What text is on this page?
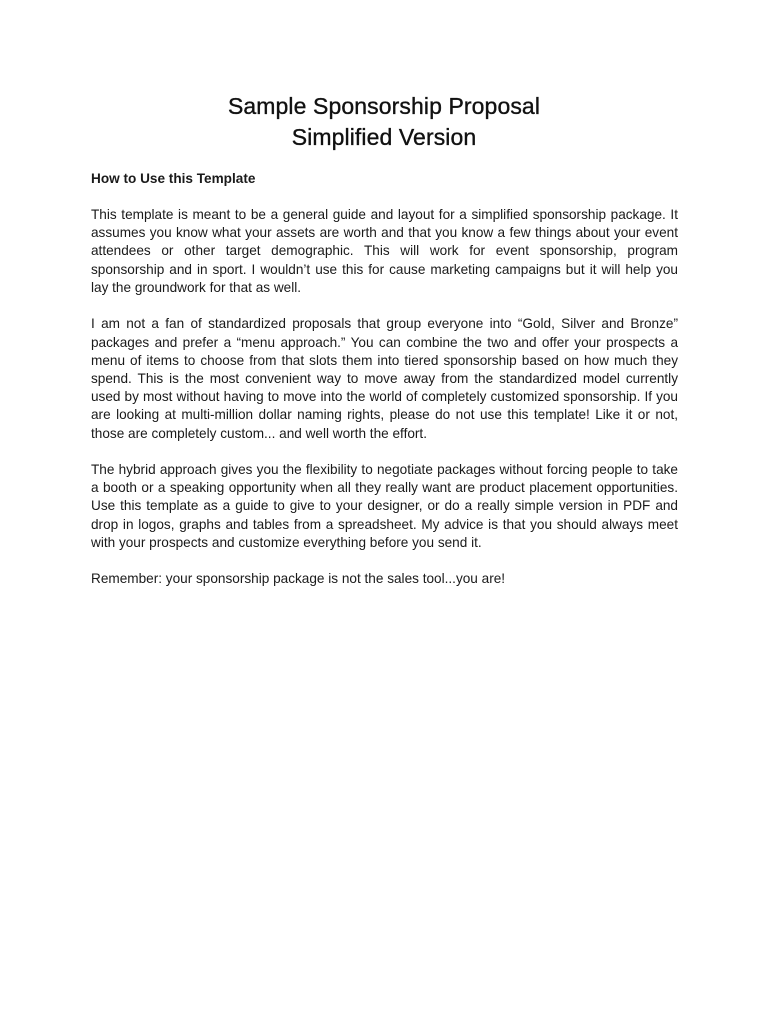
Sample Sponsorship Proposal
Simplified Version
How to Use this Template

This template is meant to be a general guide and layout for a simplified sponsorship package. It assumes you know what your assets are worth and that you know a few things about your event attendees or other target demographic. This will work for event sponsorship, program sponsorship and in sport. I wouldn’t use this for cause marketing campaigns but it will help you lay the groundwork for that as well.

I am not a fan of standardized proposals that group everyone into “Gold, Silver and Bronze” packages and prefer a “menu approach.” You can combine the two and offer your prospects a menu of items to choose from that slots them into tiered sponsorship based on how much they spend. This is the most convenient way to move away from the standardized model currently used by most without having to move into the world of completely customized sponsorship. If you are looking at multi-million dollar naming rights, please do not use this template! Like it or not, those are completely custom... and well worth the effort.

The hybrid approach gives you the flexibility to negotiate packages without forcing people to take a booth or a speaking opportunity when all they really want are product placement opportunities. Use this template as a guide to give to your designer, or do a really simple version in PDF and drop in logos, graphs and tables from a spreadsheet. My advice is that you should always meet with your prospects and customize everything before you send it.

Remember: your sponsorship package is not the sales tool...you are!
